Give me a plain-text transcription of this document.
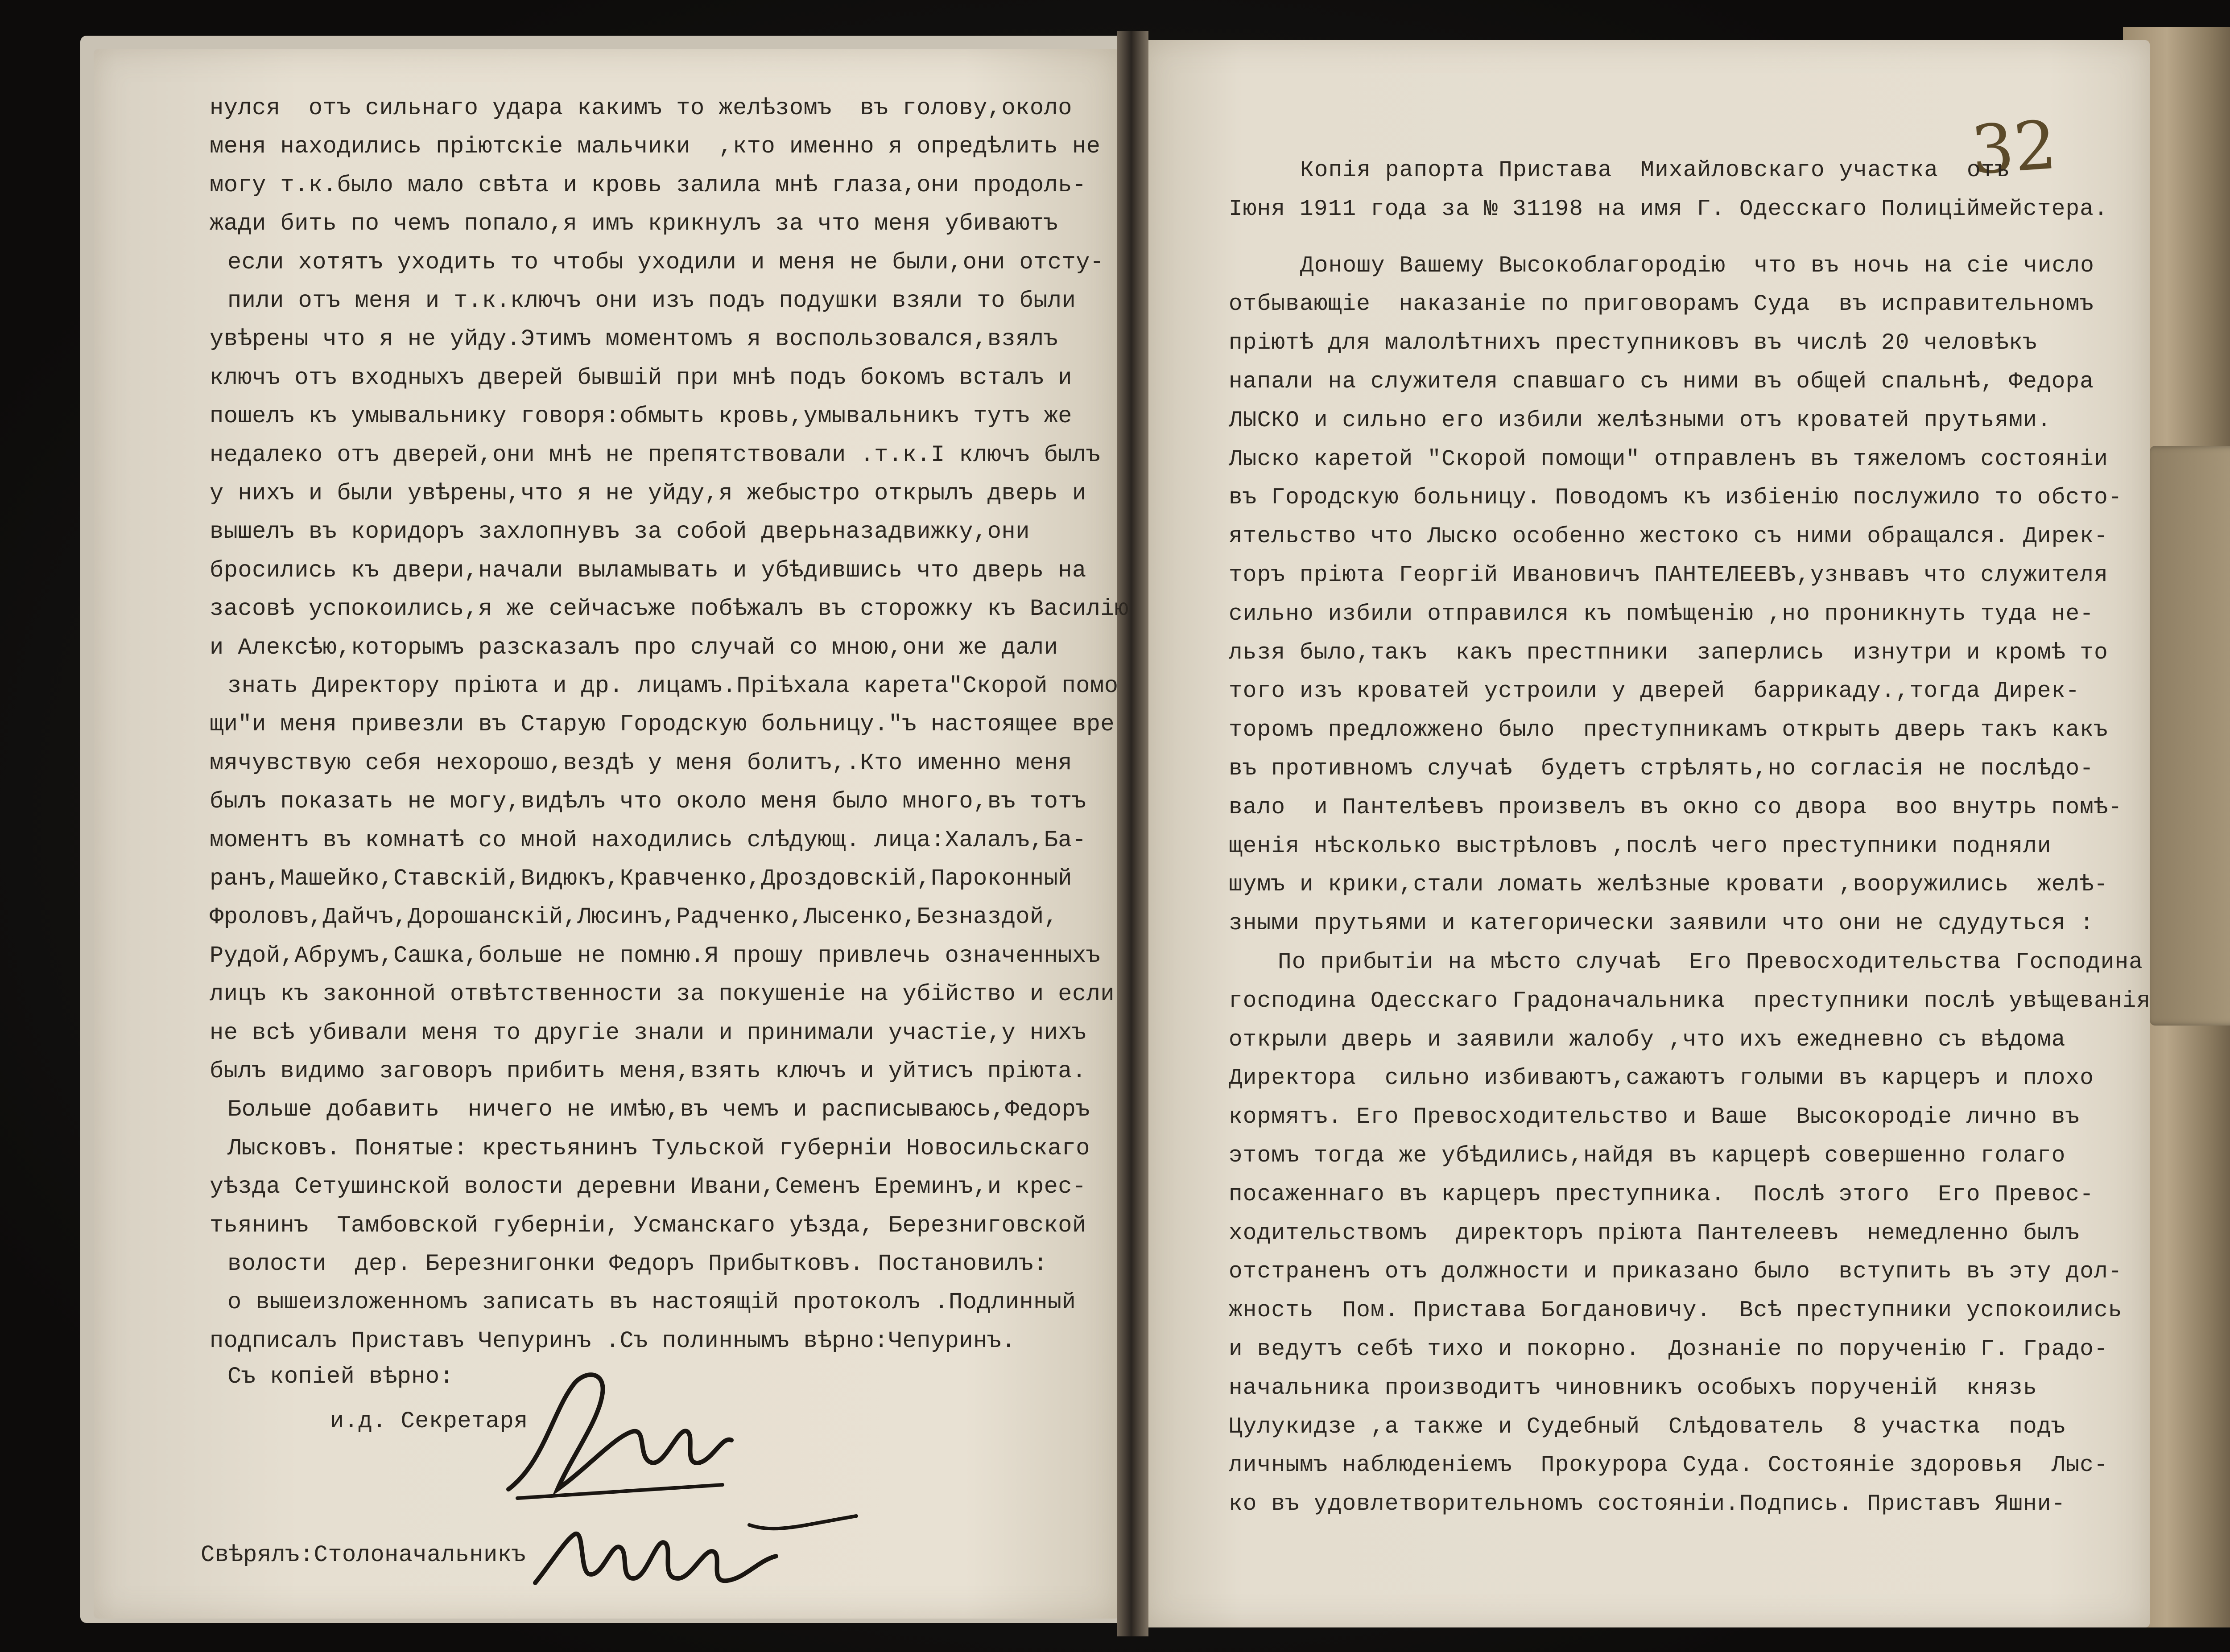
32
Съ копіей вѣрно:
и.д. Секретаря
Свѣрялъ:Столоначальникъ
нулся  отъ сильнаго удара какимъ то желѣзомъ  въ голову,около
меня находились пріютскіе мальчики  ,кто именно я опредѣлить не
могу т.к.было мало свѣта и кровь залила мнѣ глаза,они продоль-
жади бить по чемъ попало,я имъ крикнулъ за что меня убиваютъ
если хотятъ уходить то чтобы уходили и меня не были,они отсту-
пили отъ меня и т.к.ключъ они изъ подъ подушки взяли то были
увѣрены что я не уйду.Этимъ моментомъ я воспользовался,взялъ
ключъ отъ входныхъ дверей бывшій при мнѣ подъ бокомъ всталъ и
пошелъ къ умывальнику говоря:обмыть кровь,умывальникъ тутъ же
недалеко отъ дверей,они мнѣ не препятствовали .т.к.I ключъ былъ
у нихъ и были увѣрены,что я не уйду,я жебыстро открылъ дверь и
вышелъ въ коридоръ захлопнувъ за собой дверьназадвижку,они
бросились къ двери,начали выламывать и убѣдившись что дверь на
засовѣ успокоились,я же сейчасъже побѣжалъ въ сторожку къ Василію
и Алексѣю,которымъ разсказалъ про случай со мною,они же дали
знать Директору пріюта и др. лицамъ.Пріѣхала карета"Скорой помо
щи"и меня привезли въ Старую Городскую больницу."ъ настоящее вре
мячувствую себя нехорошо,вездѣ у меня болитъ,.Кто именно меня
былъ показать не могу,видѣлъ что около меня было много,въ тотъ
моментъ въ комнатѣ со мной находились слѣдующ. лица:Халалъ,Ба-
ранъ,Машейко,Ставскій,Видюкъ,Кравченко,Дроздовскій,Пароконный
Фроловъ,Дайчъ,Дорошанскій,Люсинъ,Радченко,Лысенко,Безназдой,
Рудой,Абрумъ,Сашка,больше не помню.Я прошу привлечь означенныхъ
лицъ къ законной отвѣтственности за покушеніе на убійство и если
не всѣ убивали меня то другіе знали и принимали участіе,у нихъ
былъ видимо заговоръ прибить меня,взять ключъ и уйтисъ пріюта.
Больше добавить  ничего не имѣю,въ чемъ и расписываюсь,Федоръ
Лысковъ. Понятые: крестьянинъ Тульской губерніи Новосильскаго
уѣзда Сетушинской волости деревни Ивани,Семенъ Ереминъ,и крес-
тьянинъ  Тамбовской губерніи, Усманскаго уѣзда, Березниговской
волости  дер. Березнигонки Федоръ Прибытковъ. Постановилъ:
о вышеизложенномъ записать въ настоящій протоколъ .Подлинный
подписалъ Приставъ Чепуринъ .Съ полиннымъ вѣрно:Чепуринъ.
Копія рапорта Пристава  Михайловскаго участка  отъ
Іюня 1911 года за № 31198 на имя Г. Одесскаго Полиціймейстера.
Доношу Вашему Высокоблагородію  что въ ночь на сіе число
отбывающіе  наказаніе по приговорамъ Суда  въ исправительномъ
пріютѣ для малолѣтнихъ преступниковъ въ числѣ 20 человѣкъ
напали на служителя спавшаго съ ними въ общей спальнѣ, Федора
ЛЫСКО и сильно его избили желѣзными отъ кроватей прутьями.
Лыско каретой "Скорой помощи" отправленъ въ тяжеломъ состояніи
въ Городскую больницу. Поводомъ къ избіенію послужило то обсто-
ятельство что Лыско особенно жестоко съ ними обращался. Дирек-
торъ пріюта Георгій Ивановичъ ПАНТЕЛЕЕВЪ,узнвавъ что служителя
сильно избили отправился къ помѣщенію ,но проникнуть туда не-
льзя было,такъ  какъ престпники  заперлись  изнутри и кромѣ то
того изъ кроватей устроили у дверей  баррикаду.,тогда Дирек-
торомъ предложжено было  преступникамъ открыть дверь такъ какъ
въ противномъ случаѣ  будетъ стрѣлять,но согласія не послѣдо-
вало  и Пантелѣевъ произвелъ въ окно со двора  воо внутрь помѣ-
щенія нѣсколько выстрѣловъ ,послѣ чего преступники подняли
шумъ и крики,стали ломать желѣзные кровати ,вооружились  желѣ-
зными прутьями и категорически заявили что они не сдудуться :
По прибытіи на мѣсто случаѣ  Его Превосходительства Господина
господина Одесскаго Градоначальника  преступники послѣ увѣщеванія
открыли дверь и заявили жалобу ,что ихъ ежедневно съ вѣдома
Директора  сильно избиваютъ,сажаютъ голыми въ карцеръ и плохо
кормятъ. Его Превосходительство и Ваше  Высокородіе лично въ
этомъ тогда же убѣдились,найдя въ карцерѣ совершенно голаго
посаженнаго въ карцеръ преступника.  Послѣ этого  Его Превос-
ходительствомъ  директоръ пріюта Пантелеевъ  немедленно былъ
отстраненъ отъ должности и приказано было  вступить въ эту дол-
жность  Пом. Пристава Богдановичу.  Всѣ преступники успокоились
и ведутъ себѣ тихо и покорно.  Дознаніе по порученію Г. Градо-
начальника производитъ чиновникъ особыхъ порученій  князь
Цулукидзе ,а также и Судебный  Слѣдователь  8 участка  подъ
личнымъ наблюденіемъ  Прокурора Суда. Состояніе здоровья  Лыс-
ко въ удовлетворительномъ состояніи.Подпись. Приставъ Яшни-
